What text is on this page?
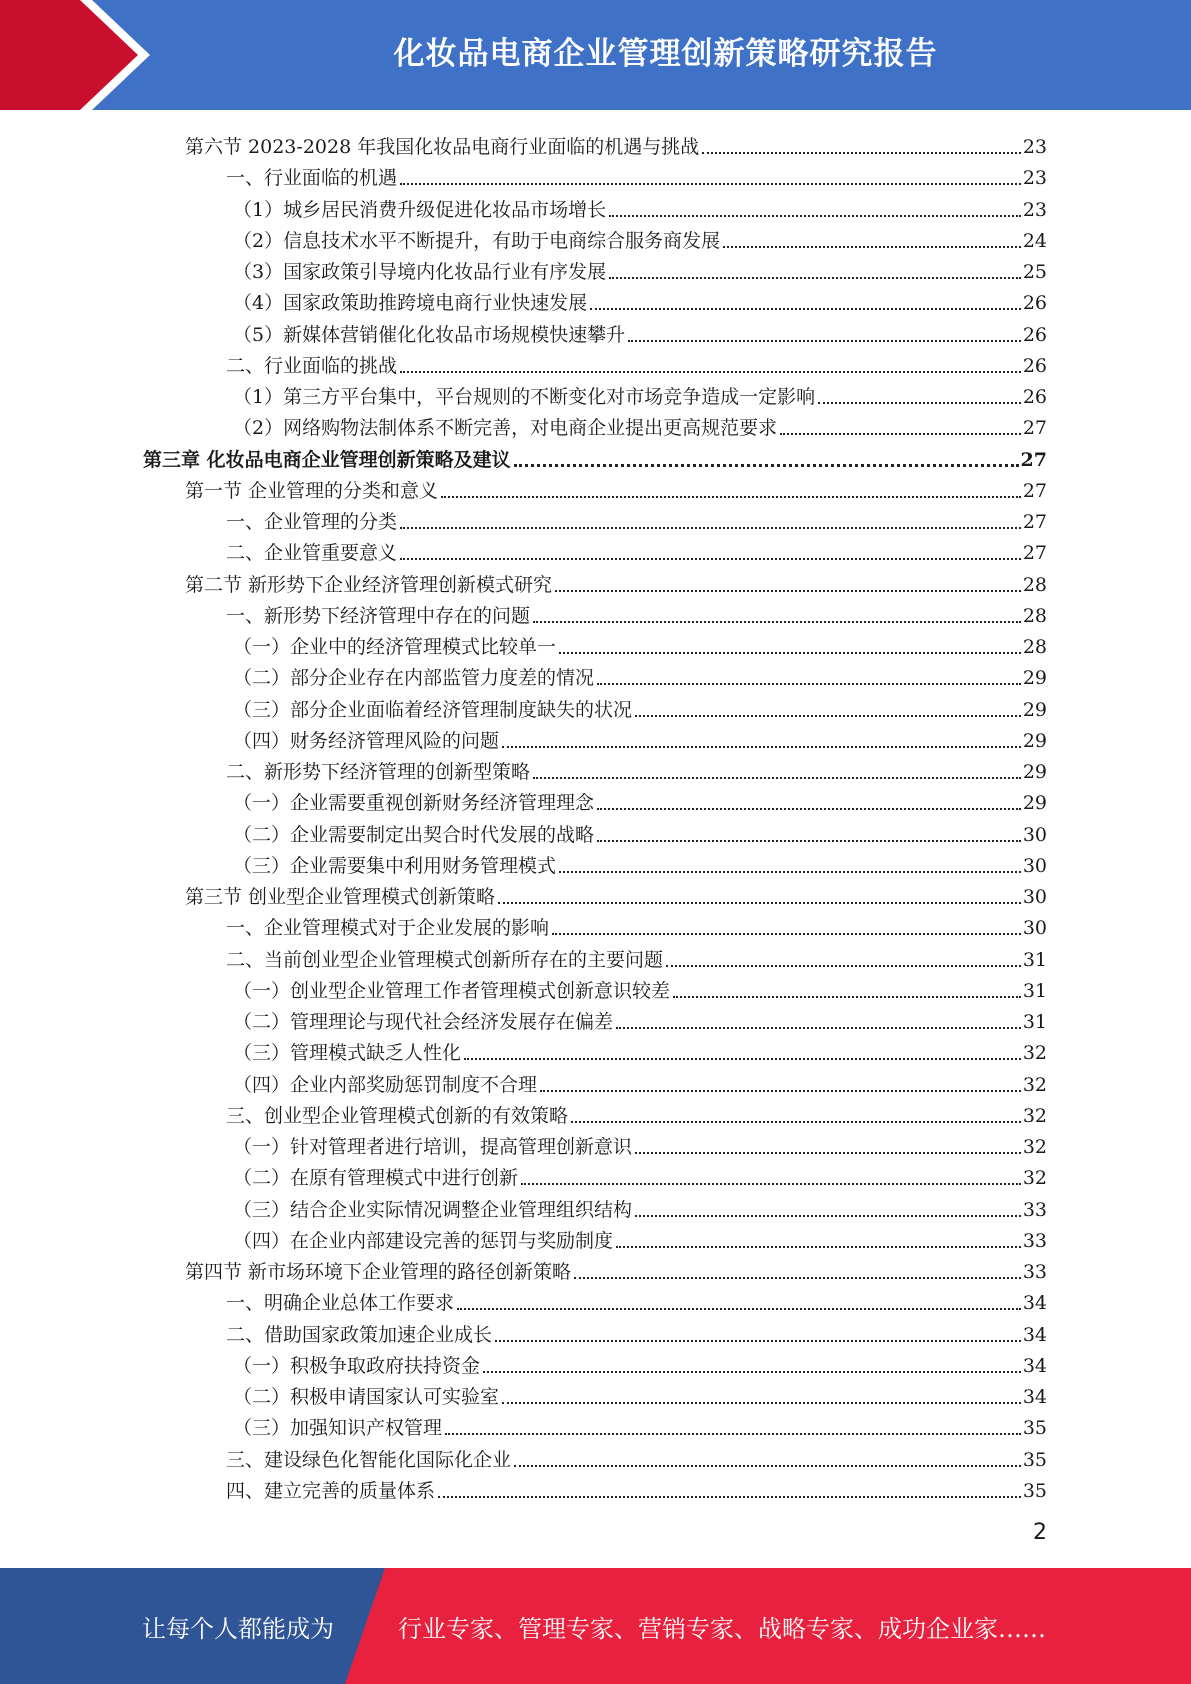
化妆品电商企业管理创新策略研究报告
第六节 2023-2028 年我国化妆品电商行业面临的机遇与挑战	23
一、行业面临的机遇	23
（1）城乡居民消费升级促进化妆品市场增长	23
（2）信息技术水平不断提升，有助于电商综合服务商发展	24
（3）国家政策引导境内化妆品行业有序发展	25
（4）国家政策助推跨境电商行业快速发展	26
（5）新媒体营销催化化妆品市场规模快速攀升	26
二、行业面临的挑战	26
（1）第三方平台集中，平台规则的不断变化对市场竞争造成一定影响	26
（2）网络购物法制体系不断完善，对电商企业提出更高规范要求	27
第三章 化妆品电商企业管理创新策略及建议	27
第一节 企业管理的分类和意义	27
一、企业管理的分类	27
二、企业管重要意义	27
第二节 新形势下企业经济管理创新模式研究	28
一、新形势下经济管理中存在的问题	28
（一）企业中的经济管理模式比较单一	28
（二）部分企业存在内部监管力度差的情况	29
（三）部分企业面临着经济管理制度缺失的状况	29
（四）财务经济管理风险的问题	29
二、新形势下经济管理的创新型策略	29
（一）企业需要重视创新财务经济管理理念	29
（二）企业需要制定出契合时代发展的战略	30
（三）企业需要集中利用财务管理模式	30
第三节 创业型企业管理模式创新策略	30
一、企业管理模式对于企业发展的影响	30
二、当前创业型企业管理模式创新所存在的主要问题	31
（一）创业型企业管理工作者管理模式创新意识较差	31
（二）管理理论与现代社会经济发展存在偏差	31
（三）管理模式缺乏人性化	32
（四）企业内部奖励惩罚制度不合理	32
三、创业型企业管理模式创新的有效策略	32
（一）针对管理者进行培训，提高管理创新意识	32
（二）在原有管理模式中进行创新	32
（三）结合企业实际情况调整企业管理组织结构	33
（四）在企业内部建设完善的惩罚与奖励制度	33
第四节 新市场环境下企业管理的路径创新策略	33
一、明确企业总体工作要求	34
二、借助国家政策加速企业成长	34
（一）积极争取政府扶持资金	34
（二）积极申请国家认可实验室	34
（三）加强知识产权管理	35
三、建设绿色化智能化国际化企业	35
四、建立完善的质量体系	35
2
让每个人都能成为	行业专家、管理专家、营销专家、战略专家、成功企业家……
